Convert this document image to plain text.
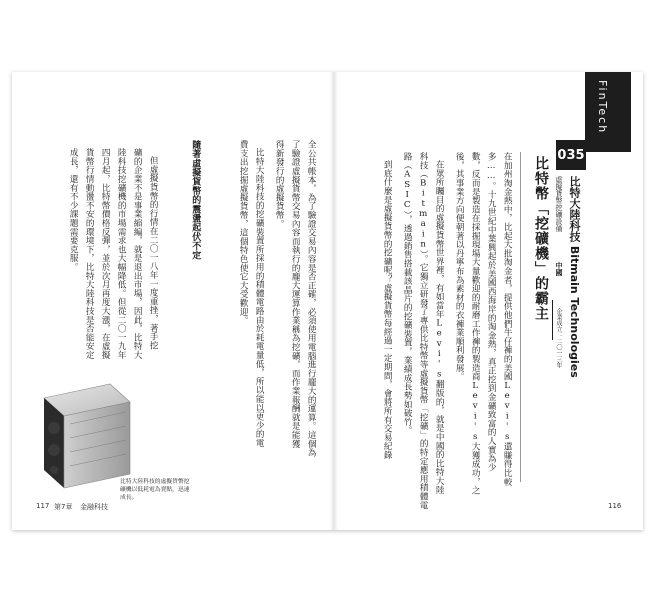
FinTech
035
比特大陸科技 Bitmain Technologies
虛擬貨幣挖礦設備
中國
企業成立：二〇一三年
比特幣「挖礦機」的霸主
在加州淘金熱中，比起大批淘金者，提供他們牛仔褲的美國Levi's還賺得比較
多……。十九世紀中葉興起於美國西海岸的淘金熱，真正挖到金礦致富的人實為少
數，反而是製造在採掘現場大量歡迎的耐磨工作褲的製造商Levi's大獲成功，之
後，其事業方向便朝著以丹寧布為素材的衣褲業順利發展。
在眾所矚目的虛擬貨幣世界裡，有如當年Levi's翻版的，就是中國的比特大陸
科技（Bitmain）。它獨立研發了專供比特幣等虛擬貨幣「挖礦」的特定應用積體電
路（ASIC），透過銷售搭載該晶片的挖礦裝置，業績成長勢如破竹。
到底什麼是虛擬貨幣的挖礦呢？虛擬貨幣每經過一定期間，會將所有交易紀錄
全公共帳本，為了驗證交易內容是否正確，必須使用電腦進行龐大的運算。這個為
了驗證虛擬貨幣交易內容而執行的龐大運算作業稱為挖礦，而作業報酬就是能獲
得新發行的虛擬貨幣。
比特大陸科技的挖礦裝置所採用的積體電路由於耗電量低，所以能以更少的電
費支出挖掘虛擬貨幣，這個特色使它大受歡迎。
隨著虛擬貨幣的震盪起伏不定
但虛擬貨幣的行情在二〇一八年一度重挫，著手挖
礦的企業不是事業縮編，就是退出市場，因此，比特大
陸科技挖礦機的市場需求也大幅降低。但從二〇一九年
四月起，比特幣價格反彈，並於次月再度大漲，在虛擬
貨幣行情動盪不安的環境下，比特大陸科技是否能安定
成長，還有不少課題需要克服。
比特大陸科技的虛擬貨幣挖礦機以低耗電為賣點，迅速成長。
117 第7章 金融科技	116
